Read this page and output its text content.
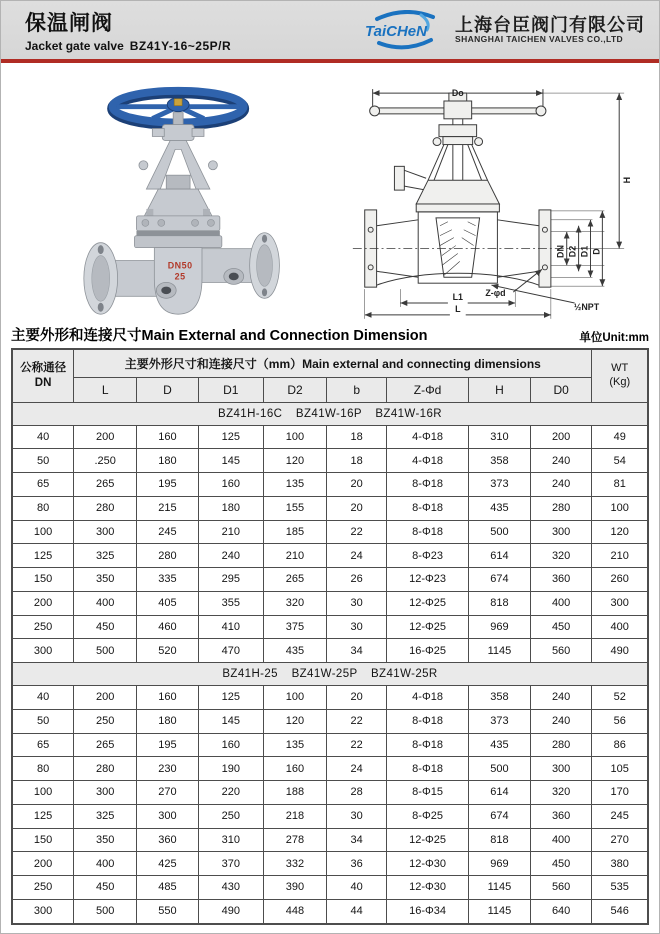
保温闸阀
Jacket gate valve BZ41Y-16~25P/R
TaiCHeN 上海台臣阀门有限公司
SHANGHAI TAICHEN VALVES CO.,LTD
DN50
25
Do
H
DN D2 D1 D
Z-φd
½NPT
L1
L
主要外形和连接尺寸Main External and Connection Dimension	单位Unit:mm
公称通径
DN	主要外形尺寸和连接尺寸（mm）Main external and connecting dimensions								WT
(Kg)

	L	D	D1	D2	b	Z-Φd	H	D0	
BZ41H-16C BZ41W-16P BZ41W-16R									
40	200	160	125	100	18	4-Φ18	310	200	49
50	.250	180	145	120	18	4-Φ18	358	240	54
65	265	195	160	135	20	8-Φ18	373	240	81
80	280	215	180	155	20	8-Φ18	435	280	100
100	300	245	210	185	22	8-Φ18	500	300	120
125	325	280	240	210	24	8-Φ23	614	320	210
150	350	335	295	265	26	12-Φ23	674	360	260
200	400	405	355	320	30	12-Φ25	818	400	300
250	450	460	410	375	30	12-Φ25	969	450	400
300	500	520	470	435	34	16-Φ25	1145	560	490
BZ41H-25 BZ41W-25P BZ41W-25R									
40	200	160	125	100	20	4-Φ18	358	240	52
50	250	180	145	120	22	8-Φ18	373	240	56
65	265	195	160	135	22	8-Φ18	435	280	86
80	280	230	190	160	24	8-Φ18	500	300	105
100	300	270	220	188	28	8-Φ15	614	320	170
125	325	300	250	218	30	8-Φ25	674	360	245
150	350	360	310	278	34	12-Φ25	818	400	270
200	400	425	370	332	36	12-Φ30	969	450	380
250	450	485	430	390	40	12-Φ30	1145	560	535
300	500	550	490	448	44	16-Φ34	1145	640	546
